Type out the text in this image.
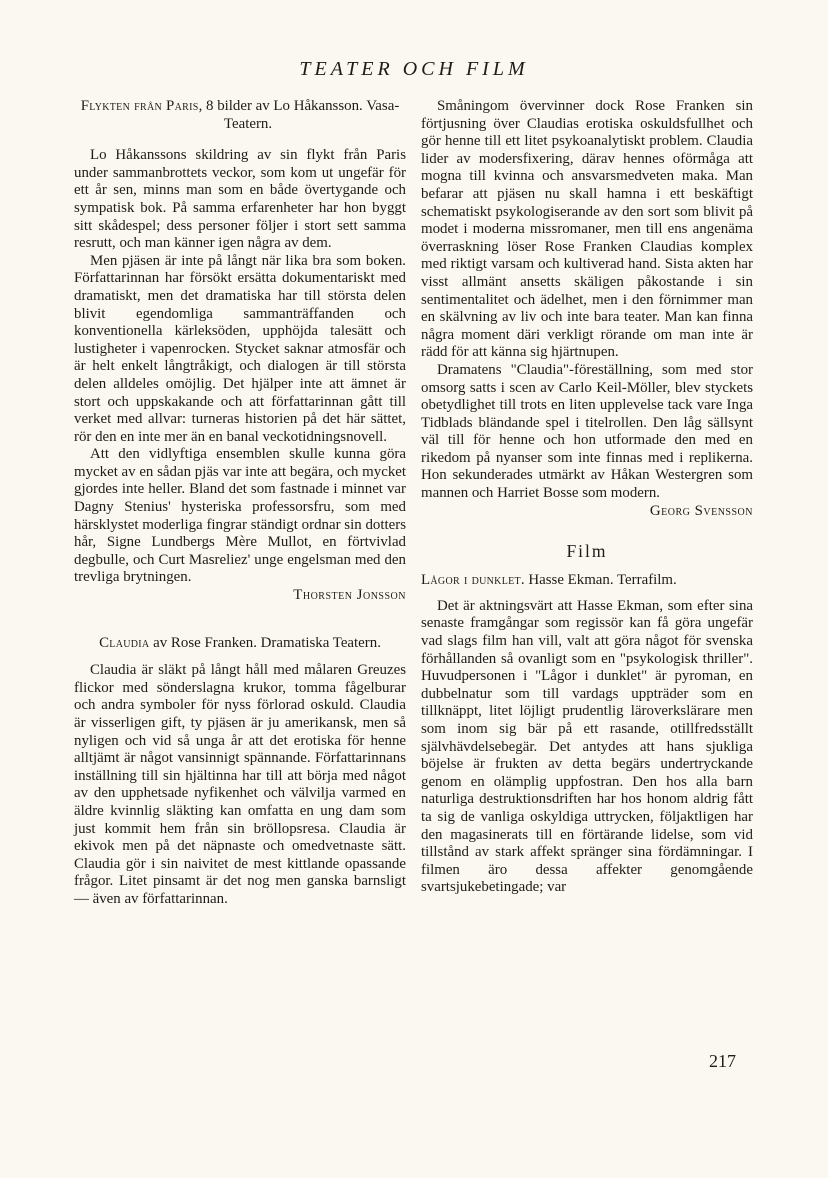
TEATER OCH FILM

Flykten från Paris, 8 bilder av Lo Håkansson. Vasa-Teatern.

Lo Håkanssons skildring av sin flykt från Paris under sammanbrottets veckor, som kom ut ungefär för ett år sen, minns man som en både övertygande och sympatisk bok. På samma erfarenheter har hon byggt sitt skådespel; dess personer följer i stort sett samma resrutt, och man känner igen några av dem.

Men pjäsen är inte på långt när lika bra som boken. Författarinnan har försökt ersätta dokumentariskt med dramatiskt, men det dramatiska har till största delen blivit egendomliga sammanträffanden och konventionella kärleksöden, upphöjda talesätt och lustigheter i vapenrocken. Stycket saknar atmosfär och är helt enkelt långtråkigt, och dialogen är till största delen alldeles omöjlig. Det hjälper inte att ämnet är stort och uppskakande och att författarinnan gått till verket med allvar: turneras historien på det här sättet, rör den en inte mer än en banal veckotidningsnovell.

Att den vidlyftiga ensemblen skulle kunna göra mycket av en sådan pjäs var inte att begära, och mycket gjordes inte heller. Bland det som fastnade i minnet var Dagny Stenius' hysteriska professorsfru, som med härsklystet moderliga fingrar ständigt ordnar sin dotters hår, Signe Lundbergs Mère Mullot, en förtvivlad degbulle, och Curt Masreliez' unge engelsman med den trevliga brytningen.

Thorsten Jonsson

Claudia av Rose Franken. Dramatiska Teatern.

Claudia är släkt på långt håll med målaren Greuzes flickor med sönderslagna krukor, tomma fågelburar och andra symboler för nyss förlorad oskuld. Claudia är visserligen gift, ty pjäsen är ju amerikansk, men så nyligen och vid så unga år att det erotiska för henne alltjämt är något vansinnigt spännande. Författarinnans inställning till sin hjältinna har till att börja med något av den upphetsade nyfikenhet och välvilja varmed en äldre kvinnlig släkting kan omfatta en ung dam som just kommit hem från sin bröllopsresa. Claudia är ekivok men på det näpnaste och omedvetnaste sätt. Claudia gör i sin naivitet de mest kittlande opassande frågor. Litet pinsamt är det nog men ganska barnsligt — även av författarinnan.

Småningom övervinner dock Rose Franken sin förtjusning över Claudias erotiska oskuldsfullhet och gör henne till ett litet psykoanalytiskt problem. Claudia lider av modersfixering, därav hennes oförmåga att mogna till kvinna och ansvarsmedveten maka. Man befarar att pjäsen nu skall hamna i ett beskäftigt schematiskt psykologiserande av den sort som blivit på modet i moderna missromaner, men till ens angenäma överraskning löser Rose Franken Claudias komplex med riktigt varsam och kultiverad hand. Sista akten har visst allmänt ansetts skäligen påkostande i sin sentimentalitet och ädelhet, men i den förnimmer man en skälvning av liv och inte bara teater. Man kan finna några moment däri verkligt rörande om man inte är rädd för att känna sig hjärtnupen.

Dramatens "Claudia"-föreställning, som med stor omsorg satts i scen av Carlo Keil-Möller, blev styckets obetydlighet till trots en liten upplevelse tack vare Inga Tidblads bländande spel i titelrollen. Den låg sällsynt väl till för henne och hon utformade den med en rikedom på nyanser som inte finnas med i replikerna. Hon sekunderades utmärkt av Håkan Westergren som mannen och Harriet Bosse som modern.
Georg Svensson

Film

Lågor i dunklet. Hasse Ekman. Terrafilm.

Det är aktningsvärt att Hasse Ekman, som efter sina senaste framgångar som regissör kan få göra ungefär vad slags film han vill, valt att göra något för svenska förhållanden så ovanligt som en "psykologisk thriller". Huvudpersonen i "Lågor i dunklet" är pyroman, en dubbelnatur som till vardags uppträder som en tillknäppt, litet löjligt prudentlig läroverkslärare men som inom sig bär på ett rasande, otillfredsställt självhävdelsebegär. Det antydes att hans sjukliga böjelse är frukten av detta begärs undertryckande genom en olämplig uppfostran. Den hos alla barn naturliga destruktionsdriften har hos honom aldrig fått ta sig de vanliga oskyldiga uttrycken, följaktligen har den magasinerats till en förtärande lidelse, som vid tillstånd av stark affekt spränger sina fördämningar. I filmen äro dessa affekter genomgående svartsjukebetingade; var

217
